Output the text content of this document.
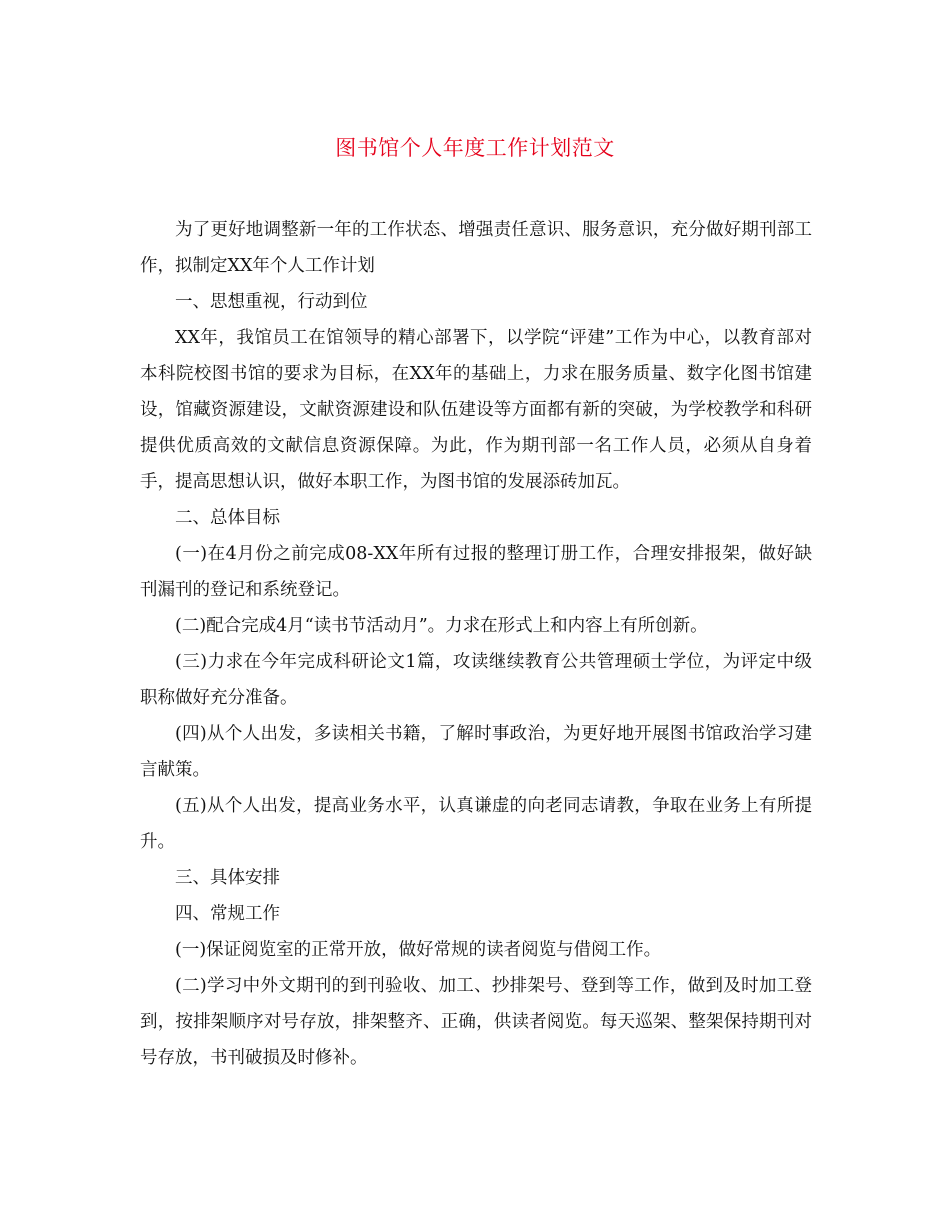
图书馆个人年度工作计划范文

为了更好地调整新一年的工作状态、增强责任意识、服务意识，充分做好期刊部工作，拟制定XX年个人工作计划

一、思想重视，行动到位

XX年，我馆员工在馆领导的精心部署下，以学院“评建”工作为中心，以教育部对本科院校图书馆的要求为目标，在XX年的基础上，力求在服务质量、数字化图书馆建设，馆藏资源建设，文献资源建设和队伍建设等方面都有新的突破，为学校教学和科研提供优质高效的文献信息资源保障。为此，作为期刊部一名工作人员，必须从自身着手，提高思想认识，做好本职工作，为图书馆的发展添砖加瓦。

二、总体目标

(一)在4月份之前完成08-XX年所有过报的整理订册工作，合理安排报架，做好缺刊漏刊的登记和系统登记。

(二)配合完成4月“读书节活动月”。力求在形式上和内容上有所创新。

(三)力求在今年完成科研论文1篇，攻读继续教育公共管理硕士学位，为评定中级职称做好充分准备。

(四)从个人出发，多读相关书籍，了解时事政治，为更好地开展图书馆政治学习建言献策。

(五)从个人出发，提高业务水平，认真谦虚的向老同志请教，争取在业务上有所提升。

三、具体安排

四、常规工作

(一)保证阅览室的正常开放，做好常规的读者阅览与借阅工作。

(二)学习中外文期刊的到刊验收、加工、抄排架号、登到等工作，做到及时加工登到，按排架顺序对号存放，排架整齐、正确，供读者阅览。每天巡架、整架保持期刊对号存放，书刊破损及时修补。
